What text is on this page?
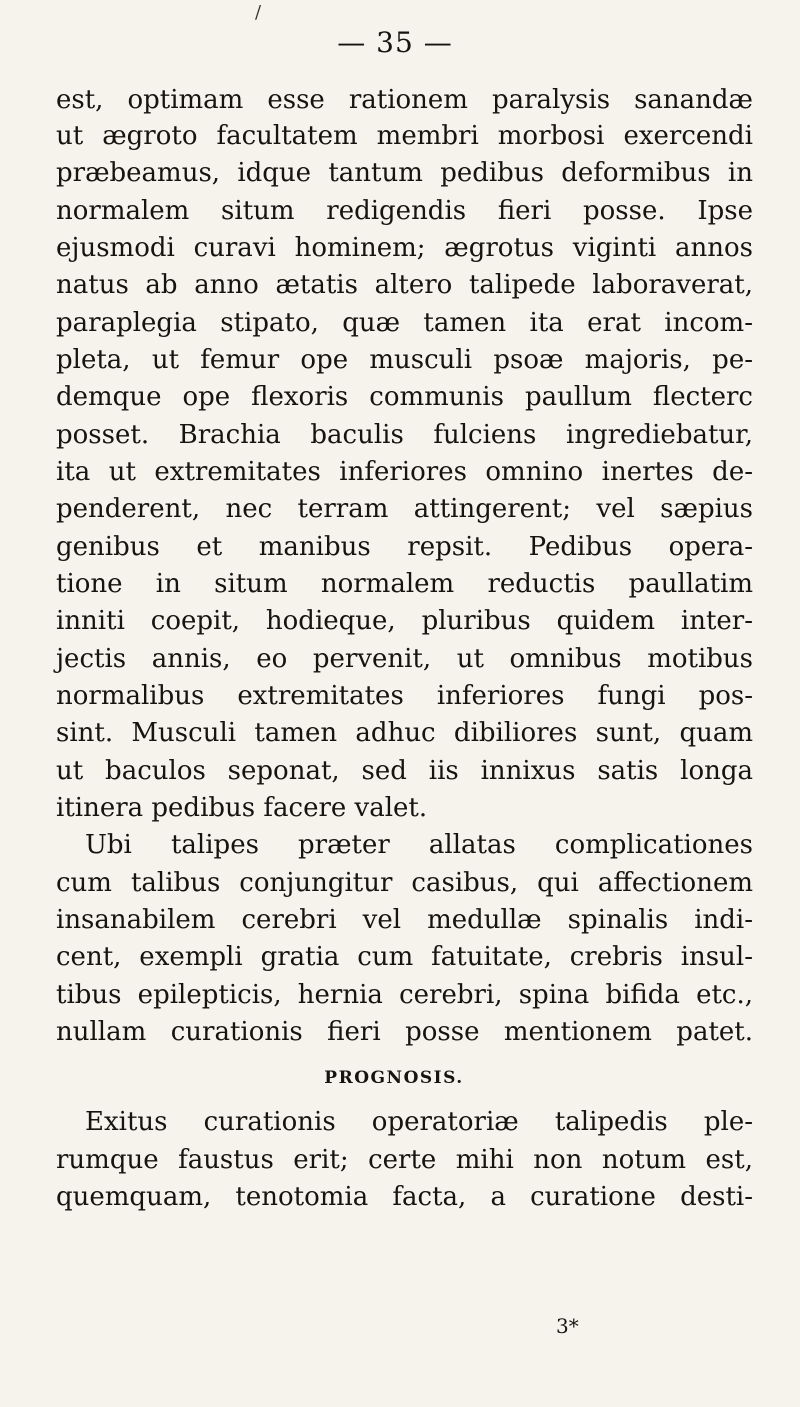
/
— 35 —
est, optimam esse rationem paralysis sanandæ
ut ægroto facultatem membri morbosi exercendi
præbeamus, idque tantum pedibus deformibus in
normalem situm redigendis fieri posse. Ipse
ejusmodi curavi hominem; ægrotus viginti annos
natus ab anno ætatis altero talipede laboraverat,
paraplegia stipato, quæ tamen ita erat incom-
pleta, ut femur ope musculi psoæ majoris, pe-
demque ope flexoris communis paullum flecterc
posset. Brachia baculis fulciens ingrediebatur,
ita ut extremitates inferiores omnino inertes de-
penderent, nec terram attingerent; vel sæpius
genibus et manibus repsit. Pedibus opera-
tione in situm normalem reductis paullatim
inniti coepit, hodieque, pluribus quidem inter-
jectis annis, eo pervenit, ut omnibus motibus
normalibus extremitates inferiores fungi pos-
sint. Musculi tamen adhuc dibiliores sunt, quam
ut baculos seponat, sed iis innixus satis longa
itinera pedibus facere valet.
Ubi talipes præter allatas complicationes
cum talibus conjungitur casibus, qui affectionem
insanabilem cerebri vel medullæ spinalis indi-
cent, exempli gratia cum fatuitate, crebris insul-
tibus epilepticis, hernia cerebri, spina bifida etc.,
nullam curationis fieri posse mentionem patet.
PROGNOSIS.
Exitus curationis operatoriæ talipedis ple-
rumque faustus erit; certe mihi non notum est,
quemquam, tenotomia facta, a curatione desti-
3*
